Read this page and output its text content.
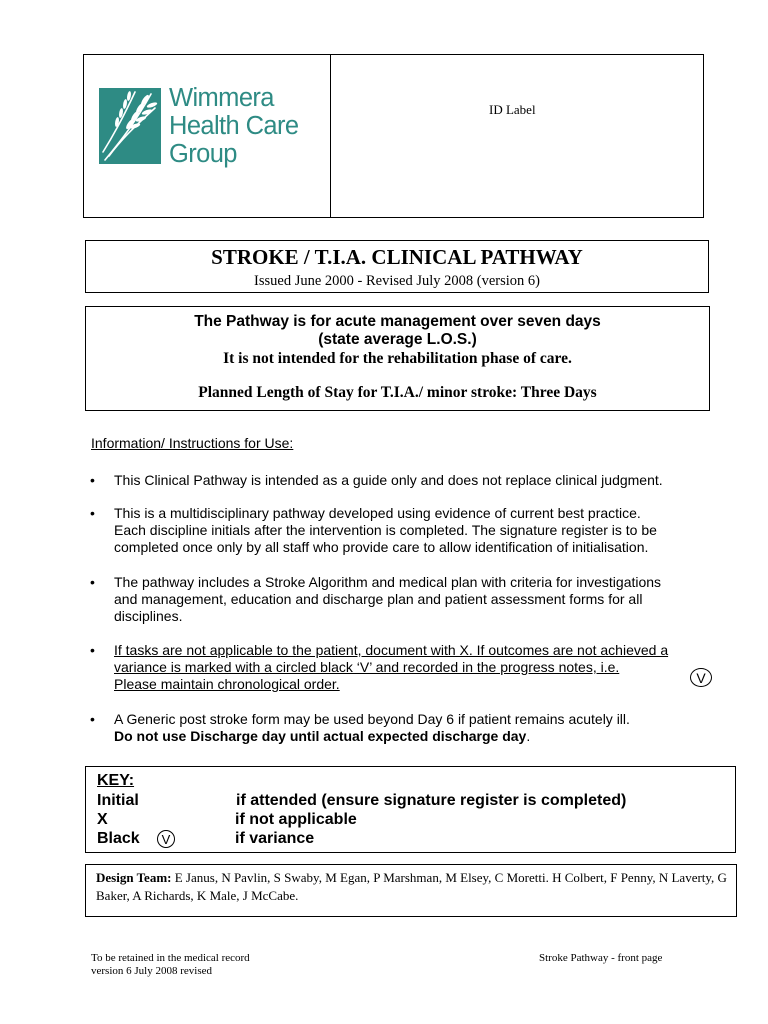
Wimmera
Health Care
Group
ID Label
STROKE / T.I.A. CLINICAL PATHWAY
Issued June 2000 - Revised July 2008 (version 6)
The Pathway is for acute management over seven days
(state average L.O.S.)
It is not intended for the rehabilitation phase of care.
Planned Length of Stay for T.I.A./ minor stroke: Three Days
Information/ Instructions for Use:
• This Clinical Pathway is intended as a guide only and does not replace clinical judgment.
• This is a multidisciplinary pathway developed using evidence of current best practice.
Each discipline initials after the intervention is completed. The signature register is to be
completed once only by all staff who provide care to allow identification of initialisation.
• The pathway includes a Stroke Algorithm and medical plan with criteria for investigations
and management, education and discharge plan and patient assessment forms for all
disciplines.
• If tasks are not applicable to the patient, document with X. If outcomes are not achieved a
variance is marked with a circled black ‘V’ and recorded in the progress notes, i.e.
Please maintain chronological order.	V
• A Generic post stroke form may be used beyond Day 6 if patient remains acutely ill.
Do not use Discharge day until actual expected discharge day.
KEY:
Initial	if attended (ensure signature register is completed)
X	if not applicable
Black	V	if variance
Design Team: E Janus, N Pavlin, S Swaby, M Egan, P Marshman, M Elsey, C Moretti. H Colbert, F Penny, N Laverty, G Baker, A Richards, K Male, J McCabe.
To be retained in the medical record
version 6 July 2008 revised
Stroke Pathway - front page
